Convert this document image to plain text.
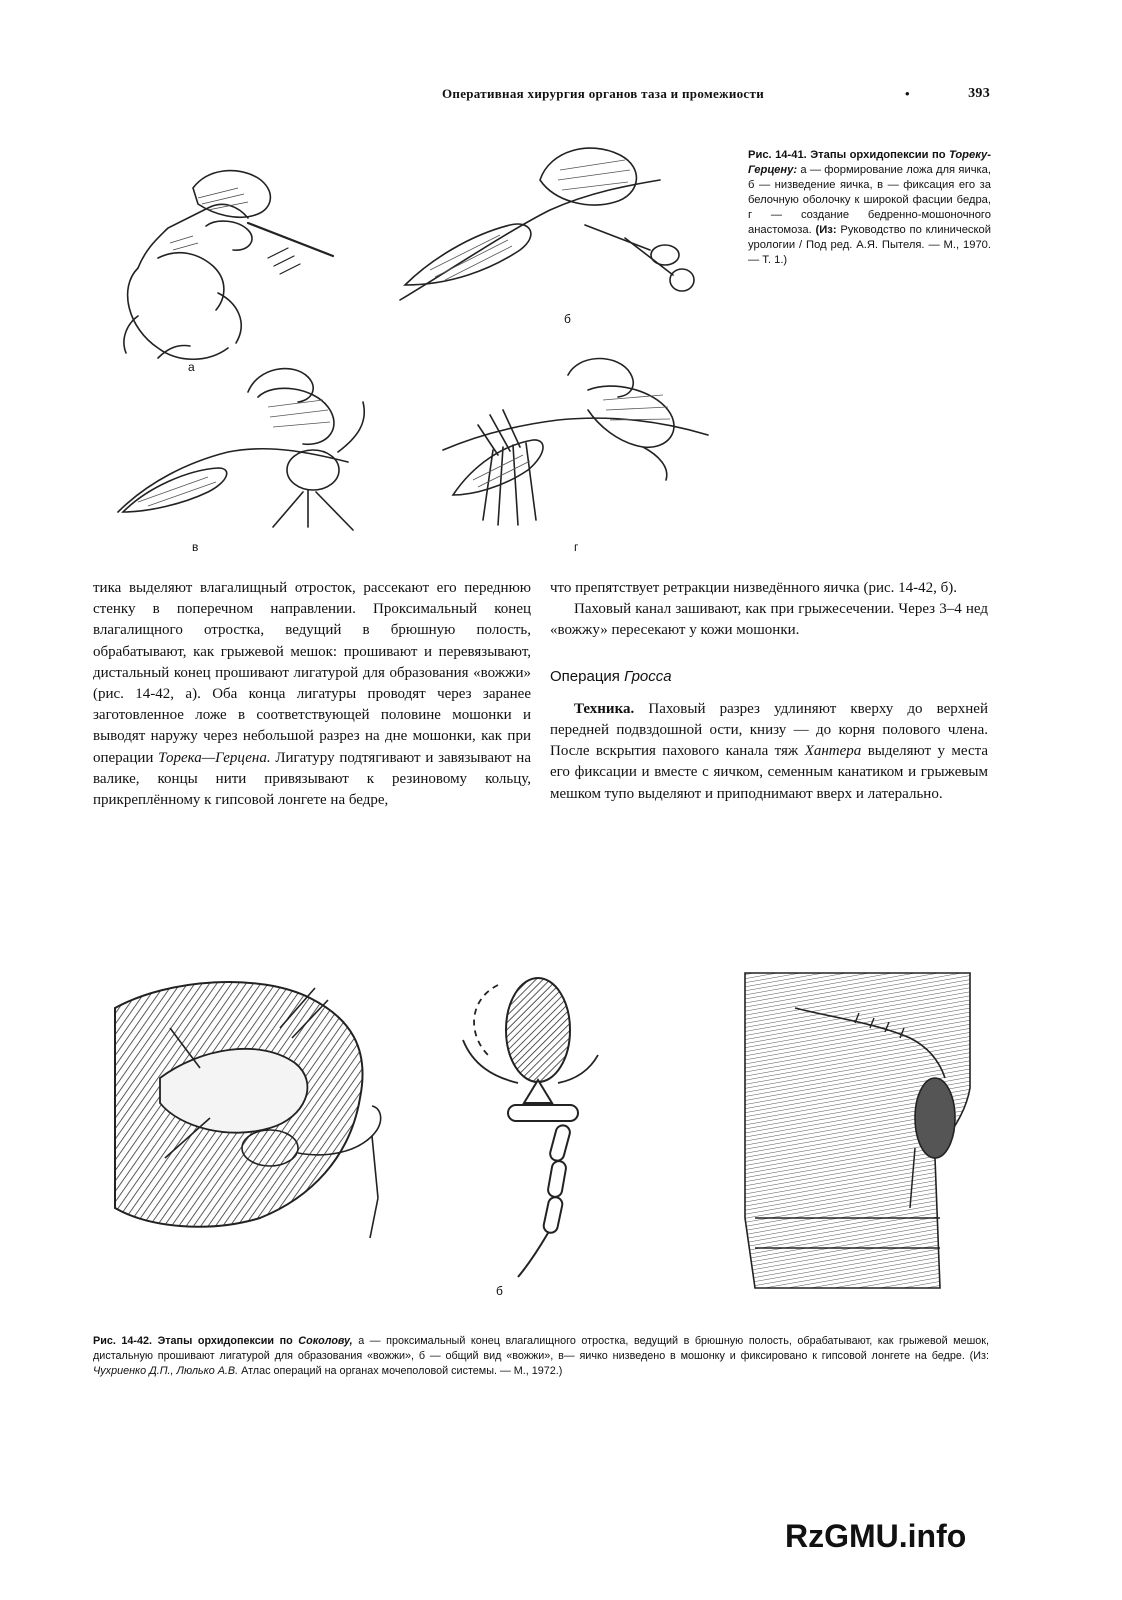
Оперативная хирургия органов таза и промежиости	•	393
а
б
в	г
Рис. 14-41. Этапы орхидопексии по Тореку-Герцену: а — формирование ложа для яичка, б — низведение яичка, в — фиксация его за белочную оболочку к широкой фасции бедра, г — создание бедренно-мошоночного анастомоза. (Из: Руководство по клинической урологии / Под ред. А.Я. Пытеля. — М., 1970. — Т. 1.)

тика выделяют влагалищный отросток, рассекают его переднюю стенку в поперечном направлении. Проксимальный конец влагалищного отростка, ведущий в брюшную полость, обрабатывают, как грыжевой мешок: прошивают и перевязывают, дистальный конец прошивают лигатурой для образования «вожжи» (рис. 14-42, а). Оба конца лигатуры проводят через заранее заготовленное ложе в соответствующей половине мошонки и выводят наружу через небольшой разрез на дне мошонки, как при операции Торека—Герцена. Лигатуру подтягивают и завязывают на валике, концы нити привязывают к резиновому кольцу, прикреплённому к гипсовой лонгете на бедре,

что препятствует ретракции низведённого яичка (рис. 14-42, б).

Паховый канал зашивают, как при грыжесечении. Через 3–4 нед «вожжу» пересекают у кожи мошонки.

Операция Гросса

Техника. Паховый разрез удлиняют кверху до верхней передней подвздошной ости, книзу — до корня полового члена. После вскрытия пахового канала тяж Хантера выделяют у места его фиксации и вместе с яичком, семенным канатиком и грыжевым мешком тупо выделяют и приподнимают вверх и латерально.

б
Рис. 14-42. Этапы орхидопексии по Соколову, а — проксимальный конец влагалищного отростка, ведущий в брюшную полость, обрабатывают, как грыжевой мешок, дистальную прошивают лигатурой для образования «вожжи», б — общий вид «вожжи», в— яичко низведено в мошонку и фиксировано к гипсовой лонгете на бедре. (Из: Чухриенко Д.П., Люлько А.В. Атлас операций на органах мочеполовой системы. — М., 1972.)
RzGMU.info
